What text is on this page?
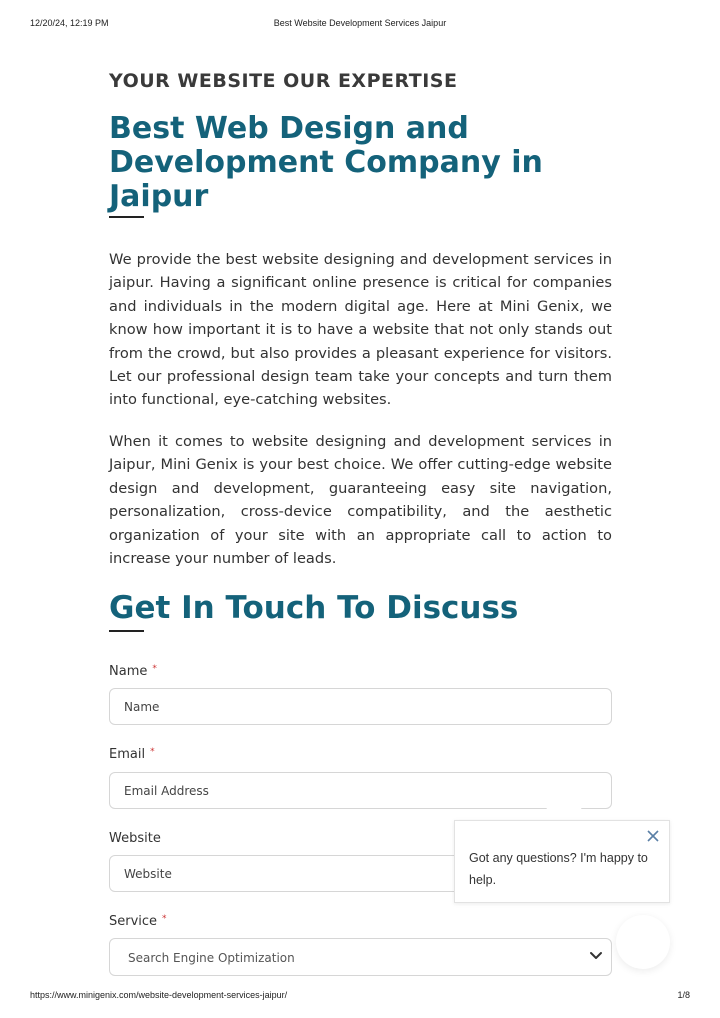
12/20/24, 12:19 PM	Best Website Development Services Jaipur
YOUR WEBSITE OUR EXPERTISE
Best Web Design and Development Company in Jaipur

We provide the best website designing and development services in jaipur. Having a significant online presence is critical for companies and individuals in the modern digital age. Here at Mini Genix, we know how important it is to have a website that not only stands out from the crowd, but also provides a pleasant experience for visitors. Let our professional design team take your concepts and turn them into functional, eye-catching websites.

When it comes to website designing and development services in Jaipur, Mini Genix is your best choice. We offer cutting-edge website design and development, guaranteeing easy site navigation, personalization, cross-device compatibility, and the aesthetic organization of your site with an appropriate call to action to increase your number of leads.

Get In Touch To Discuss
Name *
Name
Email *
Email Address
Website
Website
Service *
Search Engine Optimization
Got any questions? I'm happy to help.
https://www.minigenix.com/website-development-services-jaipur/	1/8
